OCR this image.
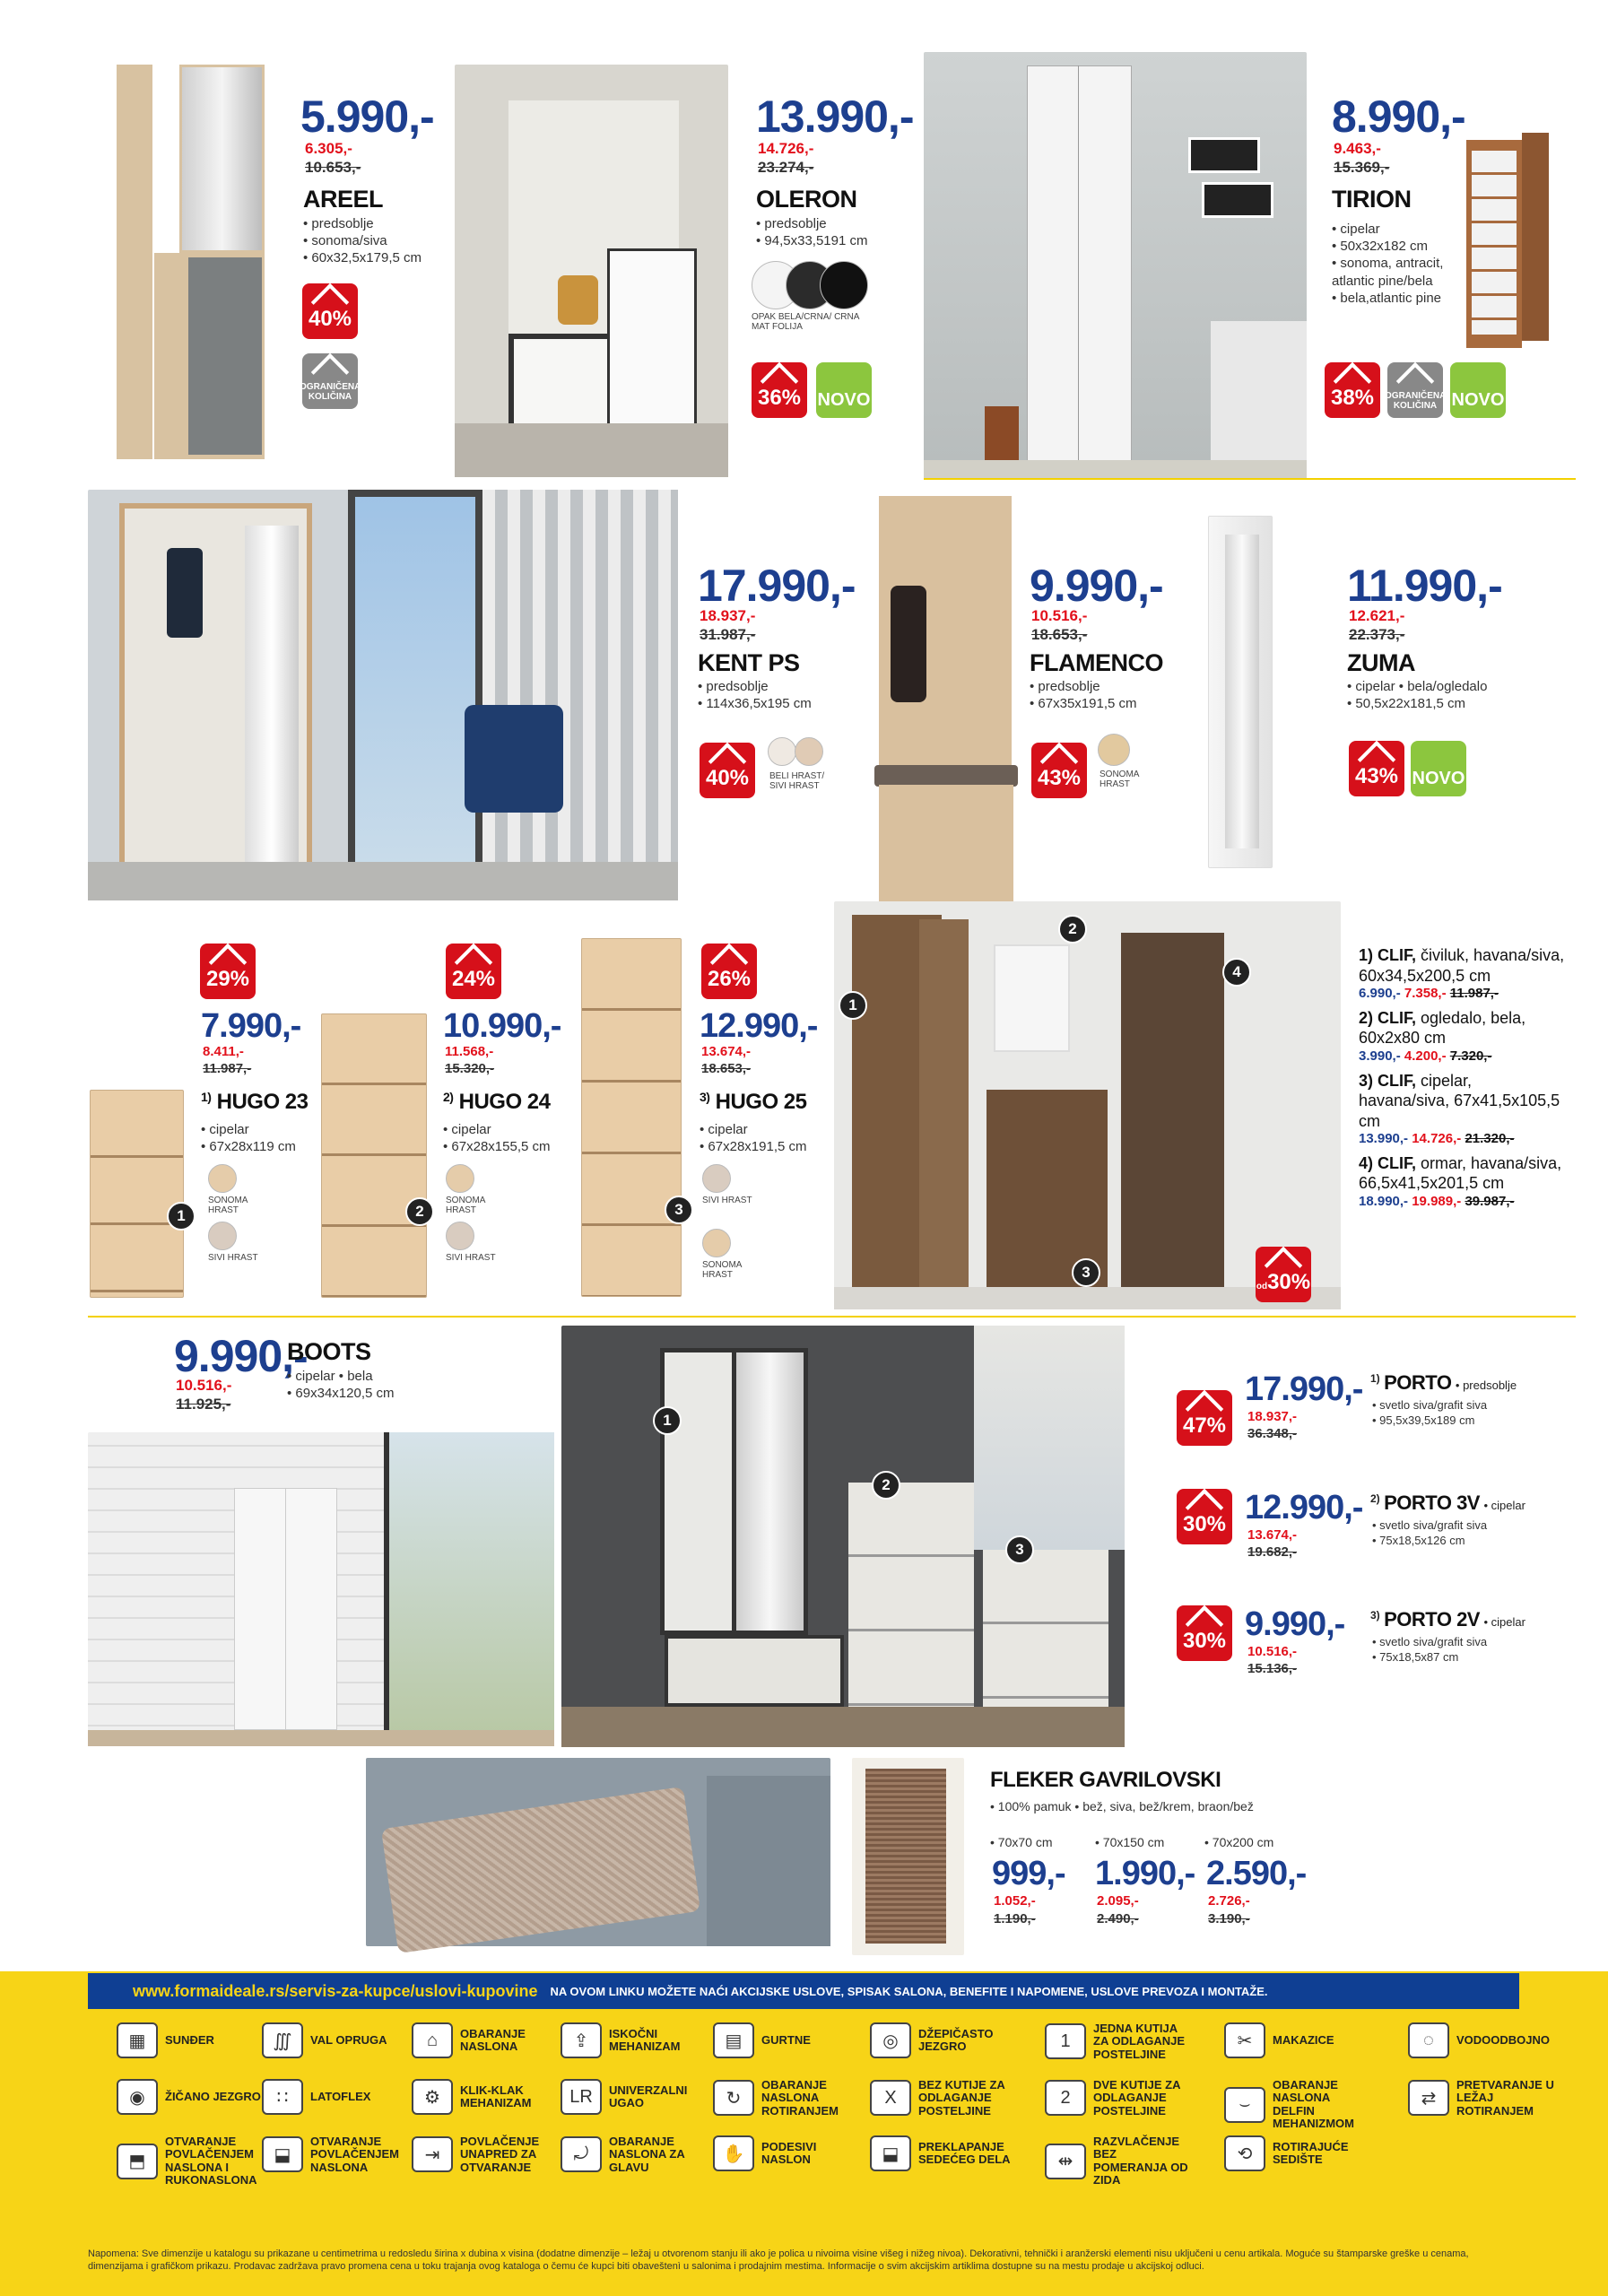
5.990,-
6.305,-
10.653,-
AREEL
• predsoblje
• sonoma/siva
• 60x32,5x179,5 cm
40%
OGRANIČENA KOLIČINA
13.990,-
14.726,-
23.274,-
OLERON
• predsoblje
• 94,5x33,5191 cm
OPAK BELA/CRNA/ CRNA MAT FOLIJA
36% NOVO
8.990,-
9.463,-
15.369,-
TIRION
• cipelar
• 50x32x182 cm
• sonoma, antracit, atlantic pine/bela
• bela,atlantic pine
38% OGRANIČENA KOLIČINA NOVO
17.990,-
18.937,-
31.987,-
KENT PS
• predsoblje
• 114x36,5x195 cm
40% BELI HRAST/ SIVI HRAST
9.990,-
10.516,-
18.653,-
FLAMENCO
• predsoblje
• 67x35x191,5 cm
43% SONOMA HRAST
11.990,-
12.621,-
22.373,-
ZUMA
• cipelar • bela/ogledalo
• 50,5x22x181,5 cm
43% NOVO
29%
7.990,-
8.411,-
11.987,-
$^{1)}$ HUGO 23
• cipelar
• 67x28x119 cm
SONOMA HRAST
SIVI HRAST
1
24%
10.990,-
11.568,-
15.320,-
$^{2)}$ HUGO 24
• cipelar
• 67x28x155,5 cm
SONOMA HRAST
SIVI HRAST
2
26%
12.990,-
13.674,-
18.653,-
$^{3)}$ HUGO 25
• cipelar
• 67x28x191,5 cm
SIVI HRAST
SONOMA HRAST
3
1
2
3
4
od30%
1) CLIF, čiviluk, havana/siva, 60x34,5x200,5 cm
6.990,- 7.358,- 11.987,-
2) CLIF, ogledalo, bela, 60x2x80 cm
3.990,- 4.200,- 7.320,-
3) CLIF, cipelar, havana/siva, 67x41,5x105,5 cm
13.990,- 14.726,- 21.320,-
4) CLIF, ormar, havana/siva, 66,5x41,5x201,5 cm
18.990,- 19.989,- 39.987,-
9.990,-
BOOTS
• cipelar • bela
• 69x34x120,5 cm
10.516,-
11.925,-
1
2
3
47%
17.990,-
18.937,-
36.348,-
$^{1)}$ PORTO • predsoblje
• svetlo siva/grafit siva
• 95,5x39,5x189 cm
30% 12.990,-
13.674,-
19.682,-
$^{2)}$ PORTO 3V • cipelar
• svetlo siva/grafit siva
• 75x18,5x126 cm
30% 9.990,-
10.516,-
15.136,-
$^{3)}$ PORTO 2V • cipelar
• svetlo siva/grafit siva
• 75x18,5x87 cm
FLEKER GAVRILOVSKI
• 100% pamuk • bež, siva, bež/krem, braon/bež
• 70x70 cm
999,-
1.052,-
1.190,-
• 70x150 cm
1.990,-
2.095,-
2.490,-
• 70x200 cm
2.590,-
2.726,-
3.190,-
www.formaideale.rs/servis-za-kupce/uslovi-kupovine NA OVOM LINKU MOŽETE NAĆI AKCIJSKE USLOVE, SPISAK SALONA, BENEFITE I NAPOMENE, USLOVE PREVOZA I MONTAŽE.
▦	SUNĐER	∭	VAL OPRUGA	⌂	OBARANJE NASLONA	⇪	ISKOČNI MEHANIZAM	▤	GURTNE	◎	DŽEPIČASTO JEZGRO	1
JEDNA KUTIJA ZA ODLAGANJE POSTELJINE
✂	MAKAZICE	◌	VODOODBOJNO
◉	ŽIČANO JEZGRO ∷	LATOFLEX	⚙	KLIK-KLAK MEHANIZAM	LR	UNIVERZALNI UGAO	↻
OBARANJE NASLONA ROTIRANJEM
X
BEZ KUTIJE ZA ODLAGANJE POSTELJINE
2
DVE KUTIJE ZA ODLAGANJE POSTELJINE	⌣
OBARANJE NASLONA DELFIN MEHANIZMOM
⇄
PRETVARANJE U LEŽAJ ROTIRANJEM
⬒
OTVARANJE POVLAČENJEM NASLONA I RUKONASLONA
⬓
OTVARANJE POVLAČENJEM NASLONA
⇥
POVLAČENJE UNAPRED ZA OTVARANJE
⤾
OBARANJE NASLONA ZA GLAVU
✋	PODESIVI NASLON	⬓	PREKLAPANJE SEDEĆEG DELA	⇹
RAZVLAČENJE BEZ POMERANJA OD ZIDA
⟲	ROTIRAJUĆE SEDIŠTE
Napomena: Sve dimenzije u katalogu su prikazane u centimetrima u redosledu širina x dubina x visina (dodatne dimenzije – ležaj u otvorenom stanju ili ako je polica u nivoima visine višeg i nižeg nivoa). Dekorativni, tehnički i aranžerski elementi nisu uključeni u cenu artikala. Moguće su štamparske greške u cenama, dimenzijama i grafičkom prikazu. Prodavac zadržava pravo promena cena u toku trajanja ovog kataloga o čemu će kupci biti obaveštenì u salonima i prodajnim mestima. Informacije o svim akcijskim artiklima dostupne su na mestu prodaje u akcijskoj odluci.
